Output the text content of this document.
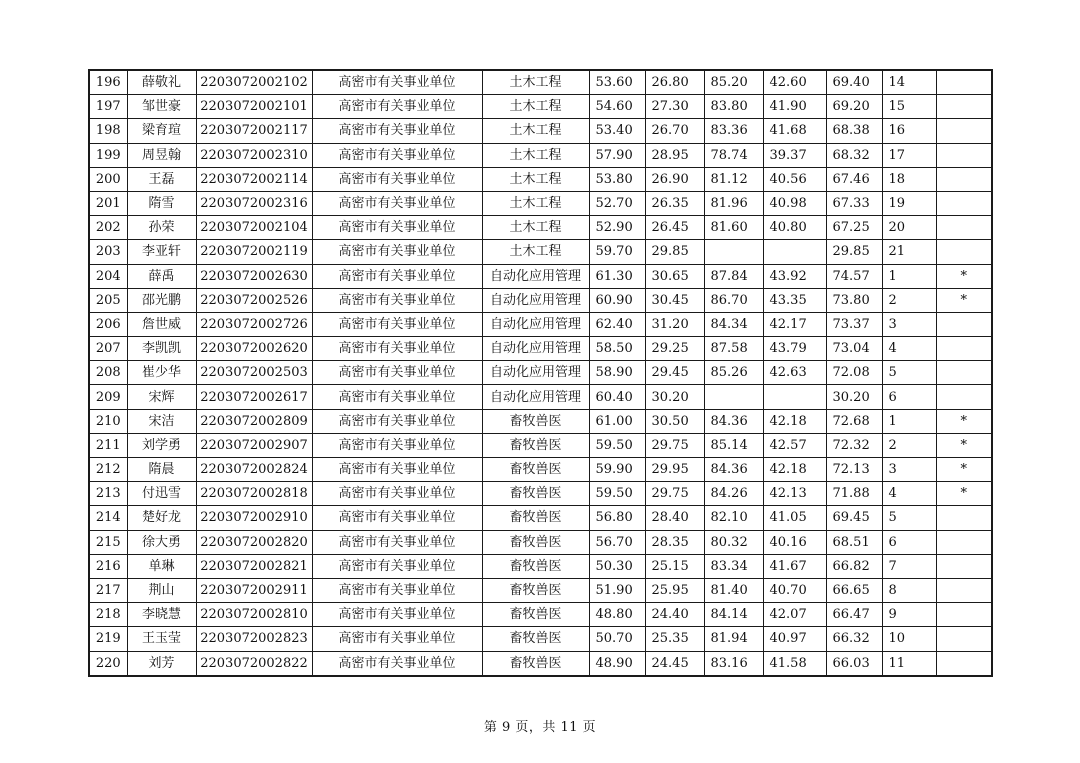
196	薛敬礼	2203072002102	高密市有关事业单位	土木工程	53.60	26.80	85.20	42.60	69.40	14	
197	邹世豪	2203072002101	高密市有关事业单位	土木工程	54.60	27.30	83.80	41.90	69.20	15	
198	梁育瑄	2203072002117	高密市有关事业单位	土木工程	53.40	26.70	83.36	41.68	68.38	16	
199	周昱翰	2203072002310	高密市有关事业单位	土木工程	57.90	28.95	78.74	39.37	68.32	17	
200	王磊	2203072002114	高密市有关事业单位	土木工程	53.80	26.90	81.12	40.56	67.46	18	
201	隋雪	2203072002316	高密市有关事业单位	土木工程	52.70	26.35	81.96	40.98	67.33	19	
202	孙荣	2203072002104	高密市有关事业单位	土木工程	52.90	26.45	81.60	40.80	67.25	20	
203	李亚轩	2203072002119	高密市有关事业单位	土木工程	59.70	29.85			29.85	21	
204	薛禹	2203072002630	高密市有关事业单位	自动化应用管理	61.30	30.65	87.84	43.92	74.57	1	*
205	邵光鹏	2203072002526	高密市有关事业单位	自动化应用管理	60.90	30.45	86.70	43.35	73.80	2	*
206	詹世威	2203072002726	高密市有关事业单位	自动化应用管理	62.40	31.20	84.34	42.17	73.37	3	
207	李凯凯	2203072002620	高密市有关事业单位	自动化应用管理	58.50	29.25	87.58	43.79	73.04	4	
208	崔少华	2203072002503	高密市有关事业单位	自动化应用管理	58.90	29.45	85.26	42.63	72.08	5	
209	宋辉	2203072002617	高密市有关事业单位	自动化应用管理	60.40	30.20			30.20	6	
210	宋洁	2203072002809	高密市有关事业单位	畜牧兽医	61.00	30.50	84.36	42.18	72.68	1	*
211	刘学勇	2203072002907	高密市有关事业单位	畜牧兽医	59.50	29.75	85.14	42.57	72.32	2	*
212	隋晨	2203072002824	高密市有关事业单位	畜牧兽医	59.90	29.95	84.36	42.18	72.13	3	*
213	付迅雪	2203072002818	高密市有关事业单位	畜牧兽医	59.50	29.75	84.26	42.13	71.88	4	*
214	楚好龙	2203072002910	高密市有关事业单位	畜牧兽医	56.80	28.40	82.10	41.05	69.45	5	
215	徐大勇	2203072002820	高密市有关事业单位	畜牧兽医	56.70	28.35	80.32	40.16	68.51	6	
216	单琳	2203072002821	高密市有关事业单位	畜牧兽医	50.30	25.15	83.34	41.67	66.82	7	
217	荆山	2203072002911	高密市有关事业单位	畜牧兽医	51.90	25.95	81.40	40.70	66.65	8	
218	李晓慧	2203072002810	高密市有关事业单位	畜牧兽医	48.80	24.40	84.14	42.07	66.47	9	
219	王玉莹	2203072002823	高密市有关事业单位	畜牧兽医	50.70	25.35	81.94	40.97	66.32	10	
220	刘芳	2203072002822	高密市有关事业单位	畜牧兽医	48.90	24.45	83.16	41.58	66.03	11	
第 9 页，共 11 页
